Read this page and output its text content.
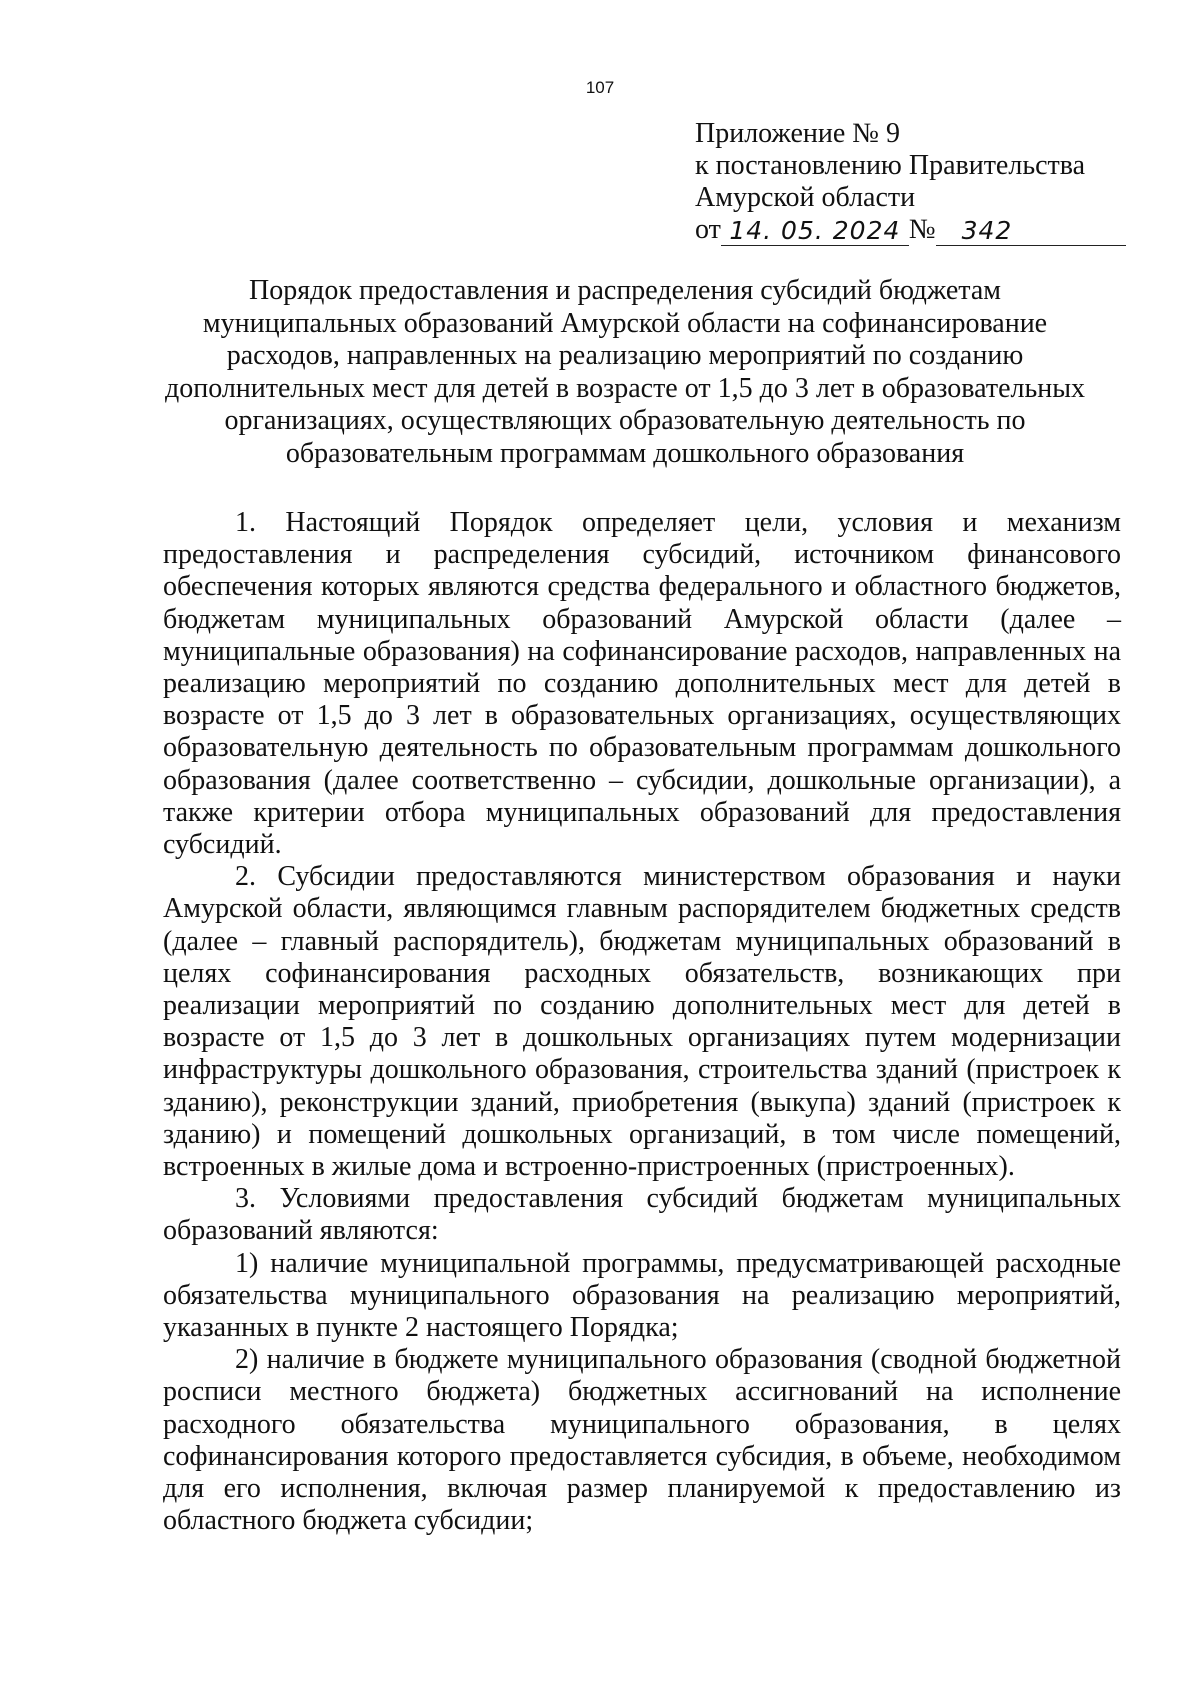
107
Приложение № 9
к постановлению Правительства
Амурской области
от 14. 05. 2024 №	342
Порядок предоставления и распределения субсидий бюджетам муниципальных образований Амурской области на софинансирование расходов, направленных на реализацию мероприятий по созданию дополнительных мест для детей в возрасте от 1,5 до 3 лет в образовательных организациях, осуществляющих образовательную деятельность по образовательным программам дошкольного образования

1. Настоящий Порядок определяет цели, условия и механизм предоставления и распределения субсидий, источником финансового обеспечения которых являются средства федерального и областного бюджетов, бюджетам муниципальных образований Амурской области (далее – муниципальные образования) на софинансирование расходов, направленных на реализацию мероприятий по созданию дополнительных мест для детей в возрасте от 1,5 до 3 лет в образовательных организациях, осуществляющих образовательную деятельность по образовательным программам дошкольного образования (далее соответственно – субсидии, дошкольные организации), а также критерии отбора муниципальных образований для предоставления субсидий.

2. Субсидии предоставляются министерством образования и науки Амурской области, являющимся главным распорядителем бюджетных средств (далее – главный распорядитель), бюджетам муниципальных образований в целях софинансирования расходных обязательств, возникающих при реализации мероприятий по созданию дополнительных мест для детей в возрасте от 1,5 до 3 лет в дошкольных организациях путем модернизации инфраструктуры дошкольного образования, строительства зданий (пристроек к зданию), реконструкции зданий, приобретения (выкупа) зданий (пристроек к зданию) и помещений дошкольных организаций, в том числе помещений, встроенных в жилые дома и встроенно-пристроенных (пристроенных).

3. Условиями предоставления субсидий бюджетам муниципальных образований являются:

1) наличие муниципальной программы, предусматривающей расходные обязательства муниципального образования на реализацию мероприятий, указанных в пункте 2 настоящего Порядка;

2) наличие в бюджете муниципального образования (сводной бюджетной росписи местного бюджета) бюджетных ассигнований на исполнение расходного обязательства муниципального образования, в целях софинансирования которого предоставляется субсидия, в объеме, необходимом для его исполнения, включая размер планируемой к предоставлению из областного бюджета субсидии;
